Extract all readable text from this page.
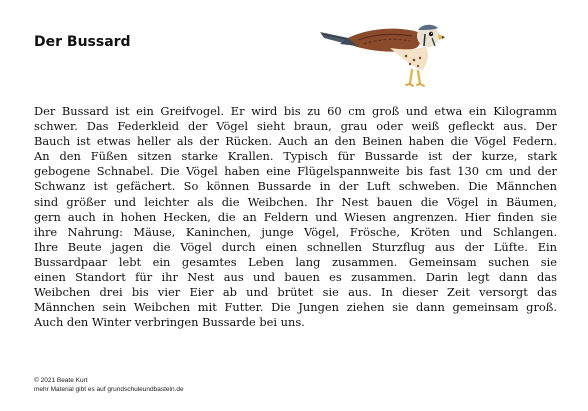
Der Bussard
Der Bussard ist ein Greifvogel. Er wird bis zu 60 cm groß und etwa ein Kilogramm
schwer. Das Federkleid der Vögel sieht braun, grau oder weiß gefleckt aus. Der
Bauch ist etwas heller als der Rücken. Auch an den Beinen haben die Vögel Federn.
An den Füßen sitzen starke Krallen. Typisch für Bussarde ist der kurze, stark
gebogene Schnabel. Die Vögel haben eine Flügelspannweite bis fast 130 cm und der
Schwanz ist gefächert. So können Bussarde in der Luft schweben. Die Männchen
sind größer und leichter als die Weibchen. Ihr Nest bauen die Vögel in Bäumen,
gern auch in hohen Hecken, die an Feldern und Wiesen angrenzen. Hier finden sie
ihre Nahrung: Mäuse, Kaninchen, junge Vögel, Frösche, Kröten und Schlangen.
Ihre Beute jagen die Vögel durch einen schnellen Sturzflug aus der Lüfte. Ein
Bussardpaar lebt ein gesamtes Leben lang zusammen. Gemeinsam suchen sie
einen Standort für ihr Nest aus und bauen es zusammen. Darin legt dann das
Weibchen drei bis vier Eier ab und brütet sie aus. In dieser Zeit versorgt das
Männchen sein Weibchen mit Futter. Die Jungen ziehen sie dann gemeinsam groß.
Auch den Winter verbringen Bussarde bei uns.
© 2021 Beate Kurt
mehr Material gibt es auf grundschuleundbasteln.de
